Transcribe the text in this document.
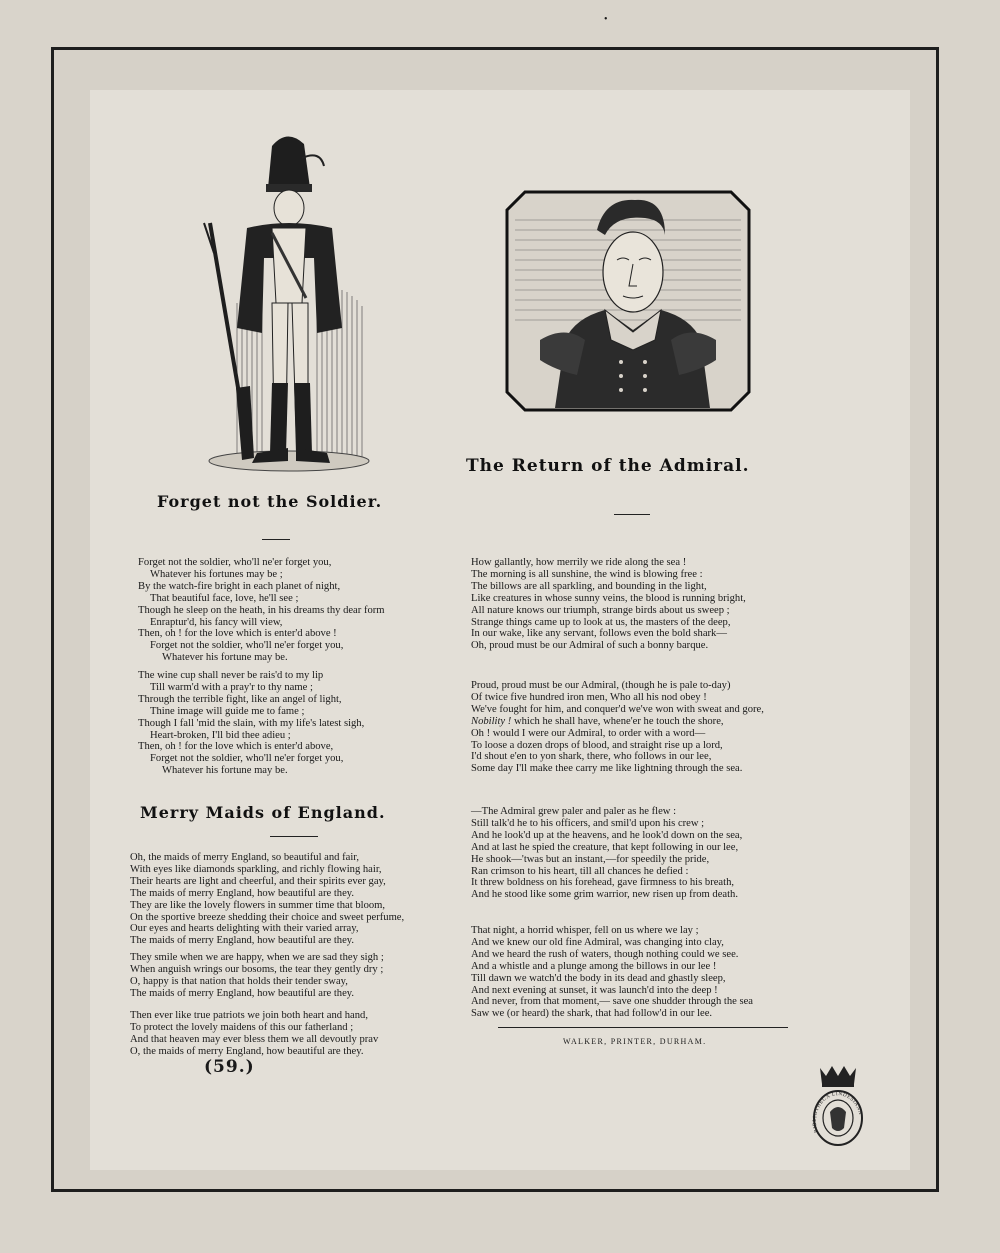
•
Forget not the Soldier.
The Return of the Admiral.
Forget not the soldier, who'll ne'er forget you,
Whatever his fortunes may be ;
By the watch-fire bright in each planet of night,
That beautiful face, love, he'll see ;
Though he sleep on the heath, in his dreams thy dear form
Enraptur'd, his fancy will view,
Then, oh ! for the love which is enter'd above !
Forget not the soldier, who'll ne'er forget you,
Whatever his fortune may be.
The wine cup shall never be rais'd to my lip
Till warm'd with a pray'r to thy name ;
Through the terrible fight, like an angel of light,
Thine image will guide me to fame ;
Though I fall 'mid the slain, with my life's latest sigh,
Heart-broken, I'll bid thee adieu ;
Then, oh ! for the love which is enter'd above,
Forget not the soldier, who'll ne'er forget you,
Whatever his fortune may be.
Merry Maids of England.
Oh, the maids of merry England, so beautiful and fair,
With eyes like diamonds sparkling, and richly flowing hair,
Their hearts are light and cheerful, and their spirits ever gay,
The maids of merry England, how beautiful are they.
They are like the lovely flowers in summer time that bloom,
On the sportive breeze shedding their choice and sweet perfume,
Our eyes and hearts delighting with their varied array,
The maids of merry England, how beautiful are they.
They smile when we are happy, when we are sad they sigh ;
When anguish wrings our bosoms, the tear they gently dry ;
O, happy is that nation that holds their tender sway,
The maids of merry England, how beautiful are they.
Then ever like true patriots we join both heart and hand,
To protect the lovely maidens of this our fatherland ;
And that heaven may ever bless them we all devoutly prav
O, the maids of merry England, how beautiful are they.
(59.)
How gallantly, how merrily we ride along the sea !
The morning is all sunshine, the wind is blowing free :
The billows are all sparkling, and bounding in the light,
Like creatures in whose sunny veins, the blood is running bright,
All nature knows our triumph, strange birds about us sweep ;
Strange things came up to look at us, the masters of the deep,
In our wake, like any servant, follows even the bold shark—
Oh, proud must be our Admiral of such a bonny barque.
Proud, proud must be our Admiral, (though he is pale to-day)
Of twice five hundred iron men, Who all his nod obey !
We've fought for him, and conquer'd we've won with sweat and gore,
Nobility ! which he shall have, whene'er he touch the shore,
Oh ! would I were our Admiral, to order with a word—
To loose a dozen drops of blood, and straight rise up a lord,
I'd shout e'en to yon shark, there, who follows in our lee,
Some day I'll make thee carry me like lightning through the sea.
—The Admiral grew paler and paler as he flew :
Still talk'd he to his officers, and smil'd upon his crew ;
And he look'd up at the heavens, and he look'd down on the sea,
And at last he spied the creature, that kept following in our lee,
He shook—'twas but an instant,—for speedily the pride,
Ran crimson to his heart, till all chances he defied :
It threw boldness on his forehead, gave firmness to his breath,
And he stood like some grim warrior, new risen up from death.
That night, a horrid whisper, fell on us where we lay ;
And we knew our old fine Admiral, was changing into clay,
And we heard the rush of waters, though nothing could we see.
And a whistle and a plunge among the billows in our lee !
Till dawn we watch'd the body in its dead and ghastly sleep,
And next evening at sunset, it was launch'd into the deep !
And never, from that moment,— save one shudder through the sea
Saw we (or heard) the shark, that had follow'd in our lee.
WALKER, PRINTER, DURHAM.
BIBLIOTHECA LINDESIANA
